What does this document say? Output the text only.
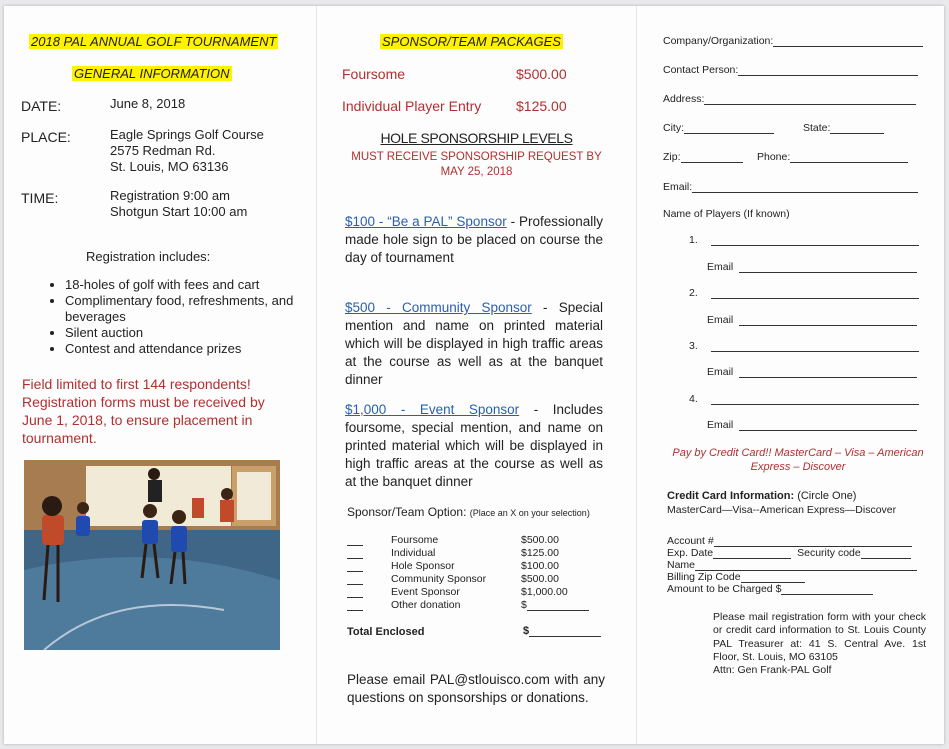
2018 PAL ANNUAL GOLF TOURNAMENT
GENERAL INFORMATION
DATE:	June 8, 2018
PLACE:	Eagle Springs Golf Course
2575 Redman Rd.
St. Louis, MO 63136
TIME:	Registration 9:00 am
Shotgun Start 10:00 am
Registration includes:
• 18-holes of golf with fees and cart
• Complimentary food, refreshments, and beverages
• Silent auction
• Contest and attendance prizes
Field limited to first 144 respondents! Registration forms must be received by June 1, 2018, to ensure placement in tournament.
SPONSOR/TEAM PACKAGES
Foursome	$500.00
Individual Player Entry $125.00
HOLE SPONSORSHIP LEVELS
MUST RECEIVE SPONSORSHIP REQUEST BY
MAY 25, 2018
$100 - “Be a PAL” Sponsor - Professionally made hole sign to be placed on course the day of tournament
$500 - Community Sponsor - Special mention and name on printed material which will be displayed in high traffic areas at the course as well as at the banquet dinner
$1,000 - Event Sponsor - Includes foursome, special mention, and name on printed material which will be displayed in high traffic areas at the course as well as at the banquet dinner
Sponsor/Team Option: (Place an X on your selection)
Foursome	$500.00
Individual	$125.00
Hole Sponsor	$100.00
Community Sponsor	$500.00
Event Sponsor	$1,000.00
Other donation	$
Total Enclosed	$
Please email PAL@stlouisco.com with any questions on sponsorships or donations.
Company/Organization:
Contact Person:
Address:
City:	State:
Zip:	Phone:
Email:
Name of Players (If known)
1.
Email
2.
Email
3.
Email
4.
Email
Pay by Credit Card!! MasterCard – Visa – American Express – Discover
Credit Card Information: (Circle One)
MasterCard—Visa--American Express—Discover
Account #
Exp. Date	Security code
Name
Billing Zip Code
Amount to be Charged $
Please mail registration form with your check or credit card information to St. Louis County PAL Treasurer at: 41 S. Central Ave. 1st Floor, St. Louis, MO 63105
Attn: Gen Frank-PAL Golf
